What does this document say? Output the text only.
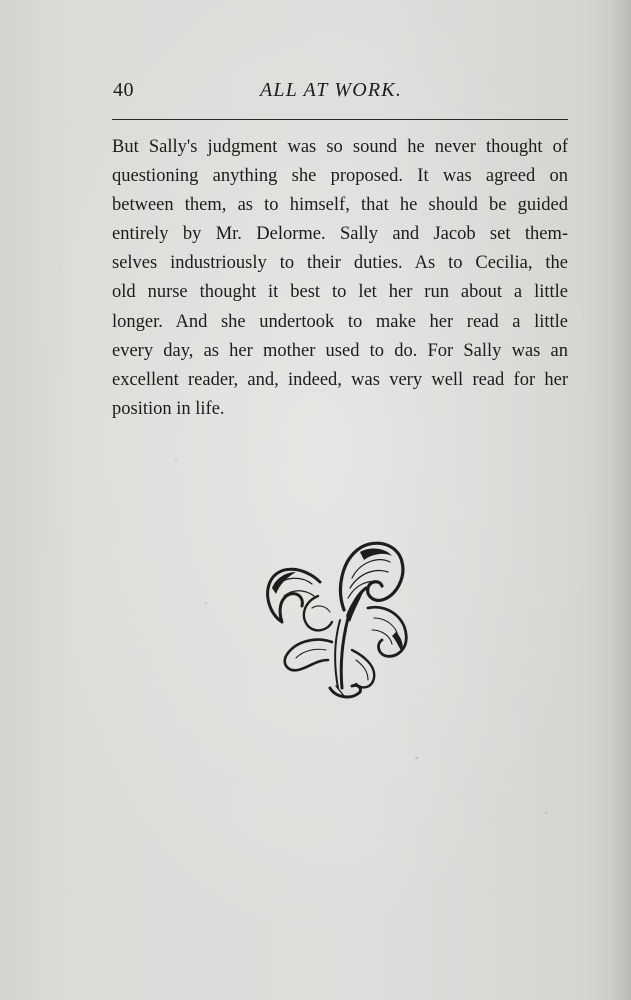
40	ALL AT WORK.
But Sally's judgment was so sound he never thought of
questioning anything she proposed. It was agreed on
between them, as to himself, that he should be guided
entirely by Mr. Delorme. Sally and Jacob set them-
selves industriously to their duties. As to Cecilia, the
old nurse thought it best to let her run about a little
longer. And she undertook to make her read a little
every day, as her mother used to do. For Sally was an
excellent reader, and, indeed, was very well read for her
position in life.
